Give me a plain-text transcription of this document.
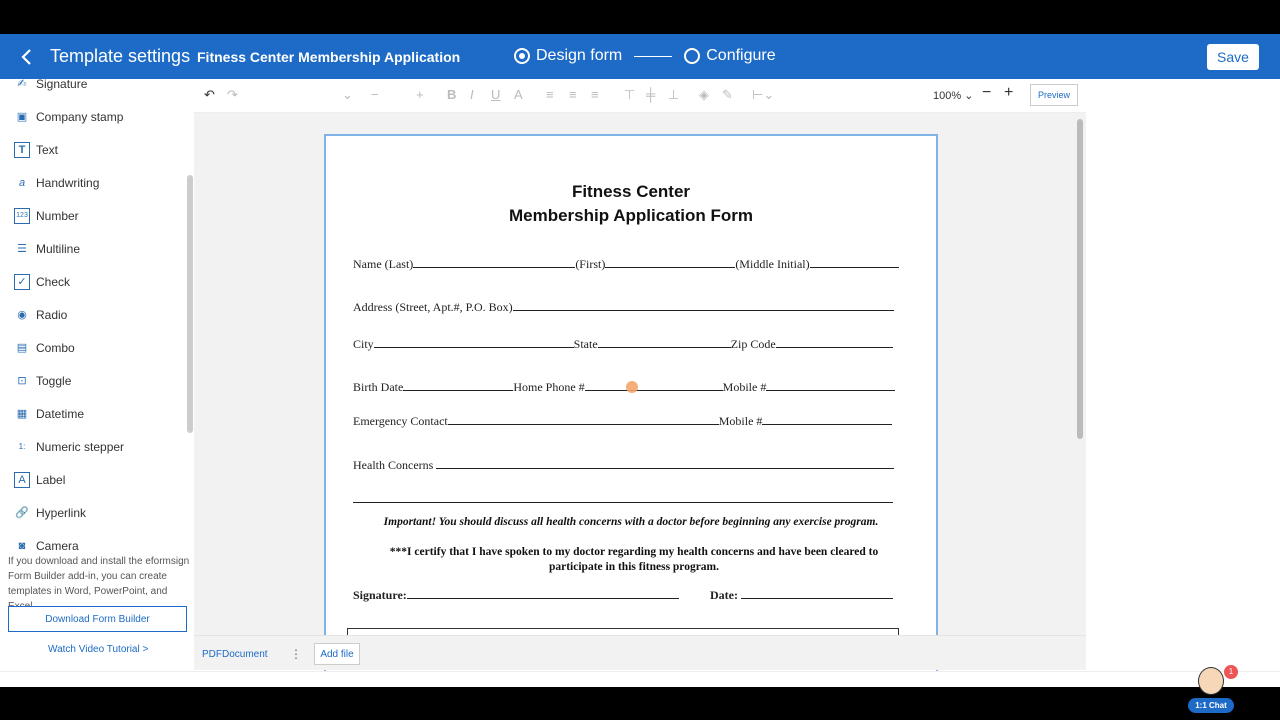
Template settings Fitness Center Membership Application	Design form	Configure	Save
✍ Signature
▣ Company stamp
T Text
a Handwriting
123 Number
☰ Multiline
✓ Check
◉ Radio
▤ Combo
⊡ Toggle
▦ Datetime
1: Numeric stepper
A Label
🔗 Hyperlink
◙ Camera
If you download and install the eformsign Form Builder add-in, you can create templates in Word, PowerPoint, and
Download Form Builder
Watch Video Tutorial >
↶ ↷	⌄ −	+ B I U A ≡ ≡ ≡ ⊤ ╪ ⊥ ◈ ✎ ⊢⌄	100% ⌄ − +	Preview
Fitness Center
Membership Application Form
Name (Last)	(First)	(Middle Initial)
Address (Street, Apt.#, P.O. Box)
City	State	Zip Code
Birth Date	Home Phone #	Mobile #
Emergency Contact	Mobile #
Health Concerns
Important! You should discuss all health concerns with a doctor before beginning any exercise program.
***I certify that I have spoken to my doctor regarding my health concerns and have been cleared to participate in this fitness program.
Signature:	Date:
PDFDocument ⋮	Add file
1:1 Chat
1
